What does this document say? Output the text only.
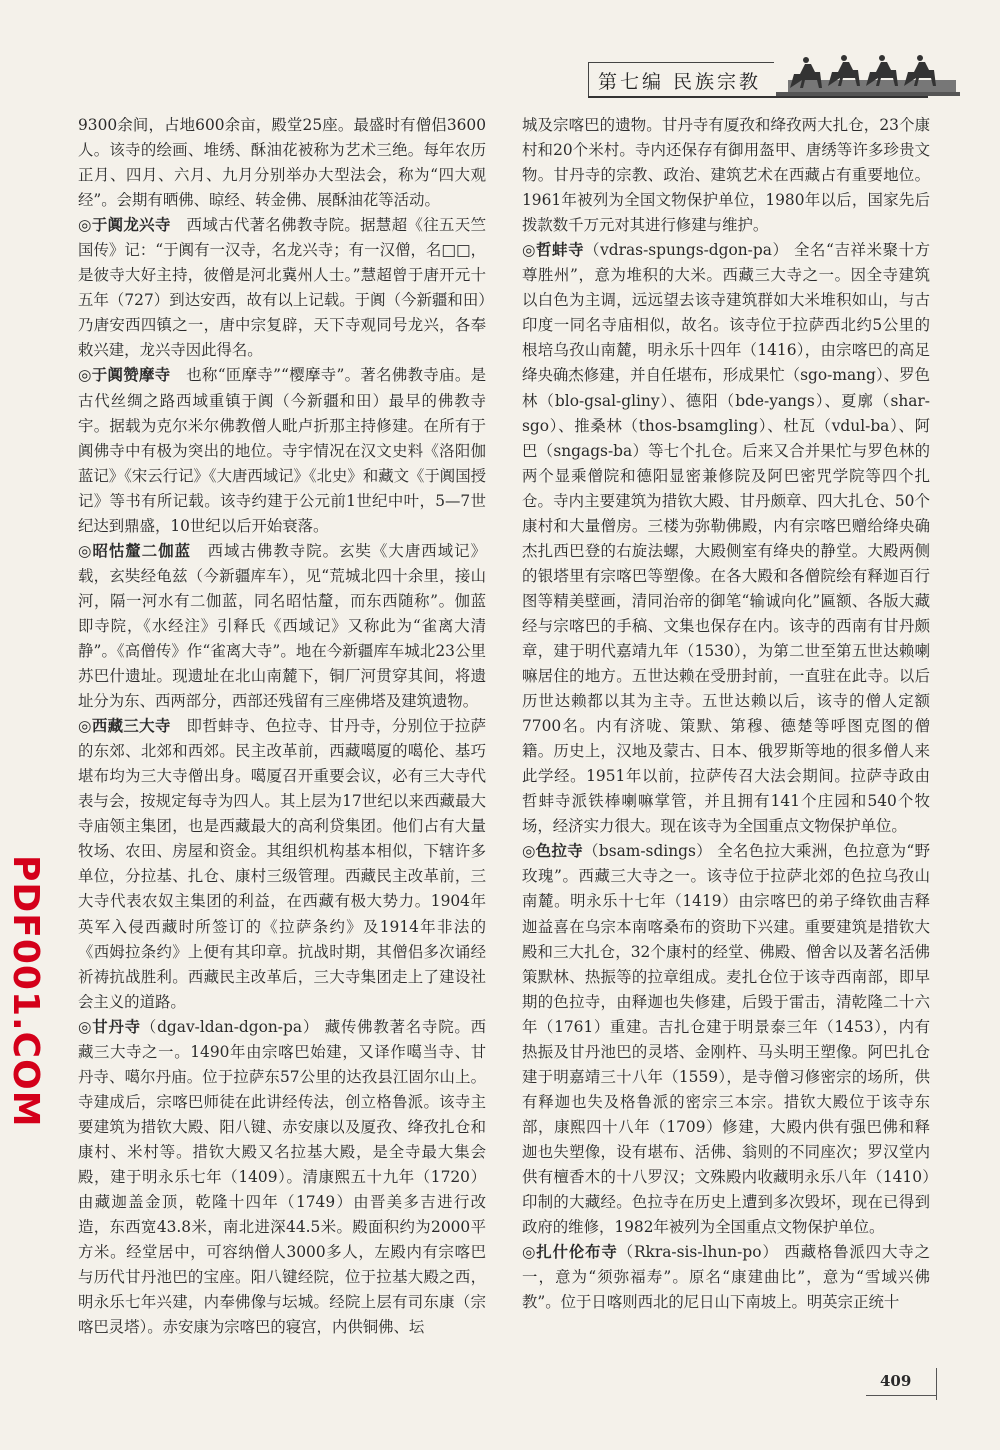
第七编 民族宗教

9300余间，占地600余亩，殿堂25座。最盛时有僧侣3600人。该寺的绘画、堆绣、酥油花被称为艺术三绝。每年农历正月、四月、六月、九月分别举办大型法会，称为“四大观经”。会期有晒佛、晾经、转金佛、展酥油花等活动。

◎于阗龙兴寺　 西域古代著名佛教寺院。据慧超《往五天竺国传》记：“于阗有一汉寺，名龙兴寺；有一汉僧，名□□，是彼寺大好主持，彼僧是河北冀州人士。”慧超曾于唐开元十五年（727）到达安西，故有以上记载。于阗（今新疆和田）乃唐安西四镇之一，唐中宗复辟，天下寺观同号龙兴，各奉敕兴建，龙兴寺因此得名。

◎于阗赞摩寺　 也称“匝摩寺”“樱摩寺”。著名佛教寺庙。是古代丝绸之路西域重镇于阗（今新疆和田）最早的佛教寺宇。据载为克尔米尔佛教僧人毗卢折那主持修建。在所有于阗佛寺中有极为突出的地位。寺宇情况在汉文史料《洛阳伽蓝记》《宋云行记》《大唐西域记》《北史》和藏文《于阗国授记》等书有所记载。该寺约建于公元前1世纪中叶，5—7世纪达到鼎盛，10世纪以后开始衰落。

◎昭怙釐二伽蓝　 西域古佛教寺院。玄奘《大唐西域记》载，玄奘经龟兹（今新疆库车），见“荒城北四十余里，接山河，隔一河水有二伽蓝，同名昭怙釐，而东西随称”。伽蓝即寺院，《水经注》引释氏《西域记》又称此为“雀离大清静”。《高僧传》作“雀离大寺”。地在今新疆库车城北23公里苏巴什遗址。现遗址在北山南麓下，铜厂河贯穿其间，将遗址分为东、西两部分，西部还残留有三座佛塔及建筑遗物。

◎西藏三大寺　 即哲蚌寺、色拉寺、甘丹寺，分别位于拉萨的东郊、北郊和西郊。民主改革前，西藏噶厦的噶伦、基巧堪布均为三大寺僧出身。噶厦召开重要会议，必有三大寺代表与会，按规定每寺为四人。其上层为17世纪以来西藏最大寺庙领主集团，也是西藏最大的高利贷集团。他们占有大量牧场、农田、房屋和资金。其组织机构基本相似，下辖许多单位，分拉基、扎仓、康村三级管理。西藏民主改革前，三大寺代表农奴主集团的利益，在西藏有极大势力。1904年英军入侵西藏时所签订的《拉萨条约》及1914年非法的《西姆拉条约》上便有其印章。抗战时期，其僧侣多次诵经祈祷抗战胜利。西藏民主改革后，三大寺集团走上了建设社会主义的道路。

◎甘丹寺（dgav-ldan-dgon-pa） 藏传佛教著名寺院。西藏三大寺之一。1490年由宗喀巴始建，又译作噶当寺、甘丹寺、噶尔丹庙。位于拉萨东57公里的达孜县江固尔山上。寺建成后，宗喀巴师徒在此讲经传法，创立格鲁派。该寺主要建筑为措钦大殿、阳八键、赤安康以及厦孜、绛孜扎仓和康村、米村等。措钦大殿又名拉基大殿，是全寺最大集会殿，建于明永乐七年（1409）。清康熙五十九年（1720）由藏迦盖金顶，乾隆十四年（1749）由晋美多吉进行改造，东西宽43.8米，南北进深44.5米。殿面积约为2000平方米。经堂居中，可容纳僧人3000多人，左殿内有宗喀巴与历代甘丹池巴的宝座。阳八键经院，位于拉基大殿之西，明永乐七年兴建，内奉佛像与坛城。经院上层有司东康（宗喀巴灵塔）。赤安康为宗喀巴的寝宫，内供铜佛、坛

城及宗喀巴的遗物。甘丹寺有厦孜和绛孜两大扎仓，23个康村和20个米村。寺内还保存有御用盔甲、唐绣等许多珍贵文物。甘丹寺的宗教、政治、建筑艺术在西藏占有重要地位。1961年被列为全国文物保护单位，1980年以后，国家先后拨款数千万元对其进行修建与维护。

◎哲蚌寺（vdras-spungs-dgon-pa） 全名“吉祥米聚十方尊胜州”，意为堆积的大米。西藏三大寺之一。因全寺建筑以白色为主调，远远望去该寺建筑群如大米堆积如山，与古印度一同名寺庙相似，故名。该寺位于拉萨西北约5公里的根培乌孜山南麓，明永乐十四年（1416），由宗喀巴的高足绛央确杰修建，并自任堪布，形成果忙（sgo-mang）、罗色林（blo-gsal-gliny）、德阳（bde-yangs）、夏廓（shar-sgo）、推桑林（thos-bsamgling）、杜瓦（vdul-ba）、阿巴（sngags-ba）等七个扎仓。后来又合并果忙与罗色林的两个显乘僧院和德阳显密兼修院及阿巴密咒学院等四个扎仓。寺内主要建筑为措钦大殿、甘丹颇章、四大扎仓、50个康村和大量僧房。三楼为弥勒佛殿，内有宗喀巴赠给绛央确杰扎西巴登的右旋法螺，大殿侧室有绛央的静堂。大殿两侧的银塔里有宗喀巴等塑像。在各大殿和各僧院绘有释迦百行图等精美壁画，清同治帝的御笔“输诚向化”匾额、各版大藏经与宗喀巴的手稿、文集也保存在内。该寺的西南有甘丹颇章，建于明代嘉靖九年（1530），为第二世至第五世达赖喇嘛居住的地方。五世达赖在受册封前，一直驻在此寺。以后历世达赖都以其为主寺。五世达赖以后，该寺的僧人定额7700名。内有济咙、策默、第穆、德楚等呼图克图的僧籍。历史上，汉地及蒙古、日本、俄罗斯等地的很多僧人来此学经。1951年以前，拉萨传召大法会期间。拉萨寺政由哲蚌寺派铁棒喇嘛掌管，并且拥有141个庄园和540个牧场，经济实力很大。现在该寺为全国重点文物保护单位。

◎色拉寺（bsam-sdings） 全名色拉大乘洲，色拉意为“野玫瑰”。西藏三大寺之一。该寺位于拉萨北郊的色拉乌孜山南麓。明永乐十七年（1419）由宗喀巴的弟子绛钦曲吉释迦益喜在乌宗本南喀桑布的资助下兴建。重要建筑是措钦大殿和三大扎仓，32个康村的经堂、佛殿、僧舍以及著名活佛策默林、热振等的拉章组成。麦扎仓位于该寺西南部，即早期的色拉寺，由释迦也失修建，后毁于雷击，清乾隆二十六年（1761）重建。吉扎仓建于明景泰三年（1453），内有热振及甘丹池巴的灵塔、金刚杵、马头明王塑像。阿巴扎仓建于明嘉靖三十八年（1559），是寺僧习修密宗的场所，供有释迦也失及格鲁派的密宗三本宗。措钦大殿位于该寺东部，康熙四十八年（1709）修建，大殿内供有强巴佛和释迦也失塑像，设有堪布、活佛、翁则的不同座次；罗汉堂内供有檀香木的十八罗汉；文殊殿内收藏明永乐八年（1410）印制的大藏经。色拉寺在历史上遭到多次毁坏，现在已得到政府的维修，1982年被列为全国重点文物保护单位。

◎扎什伦布寺（Rkra-sis-lhun-po） 西藏格鲁派四大寺之一，意为“须弥福寿”。原名“康建曲比”，意为“雪域兴佛教”。位于日喀则西北的尼日山下南坡上。明英宗正统十

PDF001.COM
409
